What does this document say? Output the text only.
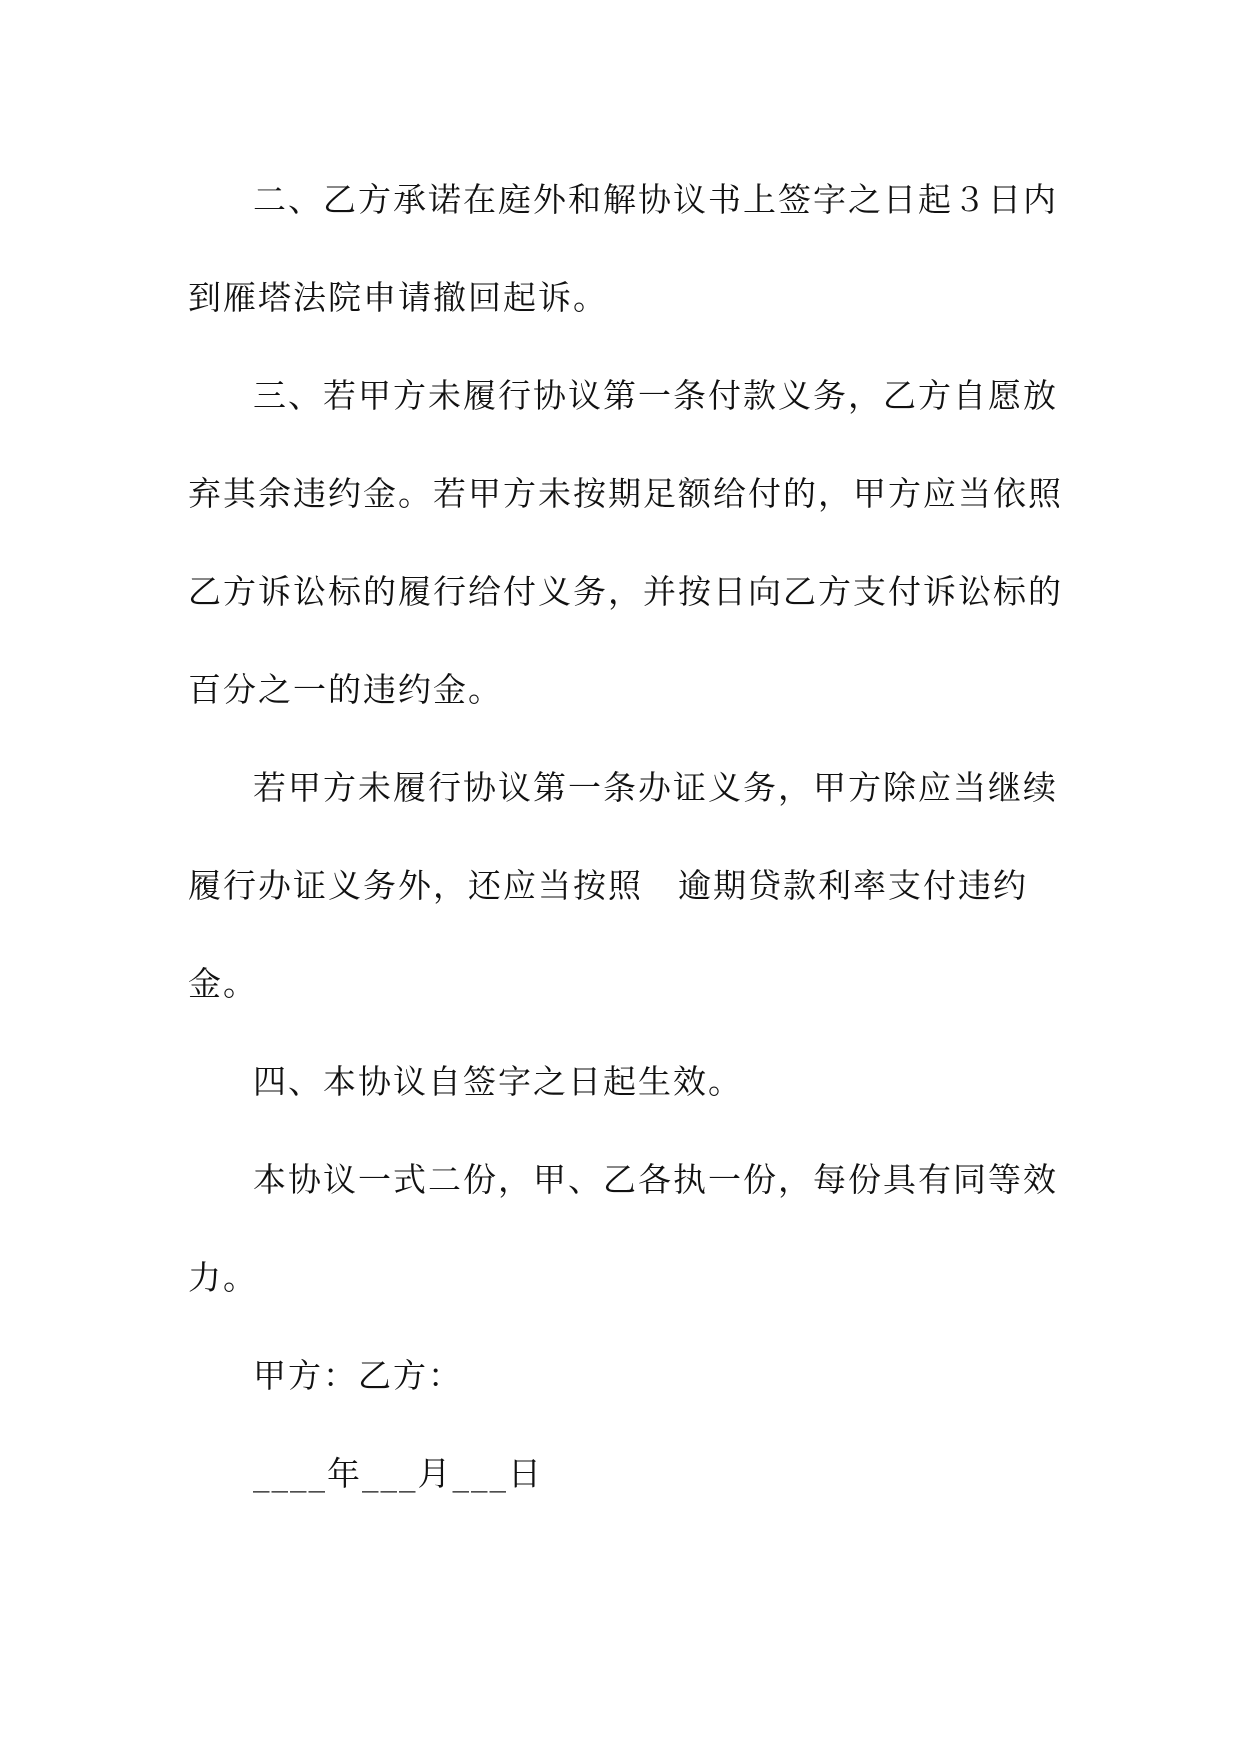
二、乙方承诺在庭外和解协议书上签字之日起３日内
到雁塔法院申请撤回起诉。
三、若甲方未履行协议第一条付款义务，乙方自愿放
弃其余违约金。若甲方未按期足额给付的，甲方应当依照
乙方诉讼标的履行给付义务，并按日向乙方支付诉讼标的
百分之一的违约金。
若甲方未履行协议第一条办证义务，甲方除应当继续
履行办证义务外，还应当按照　逾期贷款利率支付违约
金。
四、本协议自签字之日起生效。
本协议一式二份，甲、乙各执一份，每份具有同等效
力。
甲方：乙方：
____年___月___日
